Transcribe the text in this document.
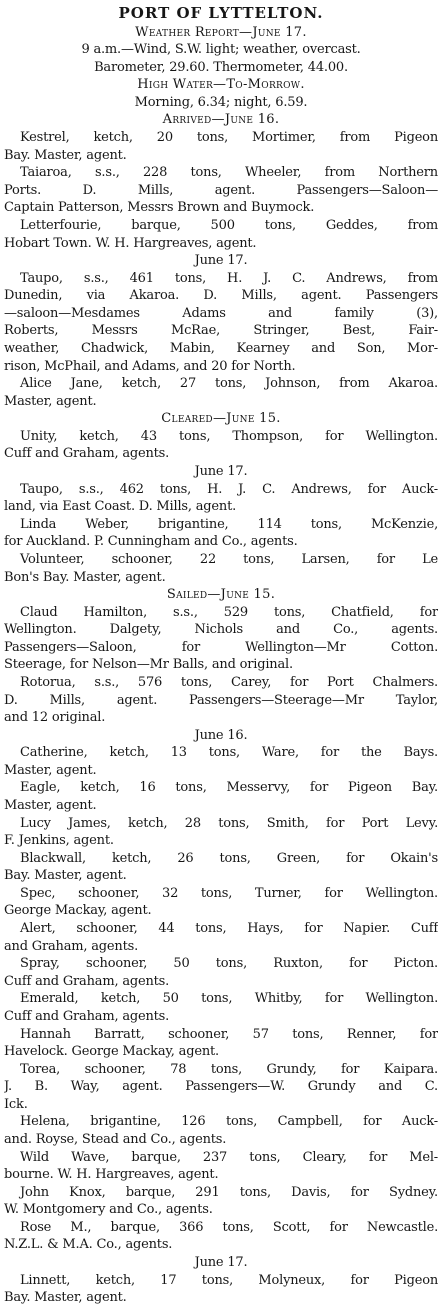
PORT OF LYTTELTON.
Weather Report—June 17.
9 a.m.—Wind, S.W. light; weather, overcast.
Barometer, 29.60. Thermometer, 44.00.
High Water—To-Morrow.
Morning, 6.34; night, 6.59.
Arrived—June 16.
Kestrel, ketch, 20 tons, Mortimer, from Pigeon
Bay. Master, agent.
Taiaroa, s.s., 228 tons, Wheeler, from Northern
Ports. D. Mills, agent. Passengers—Saloon—
Captain Patterson, Messrs Brown and Buymock.
Letterfourie, barque, 500 tons, Geddes, from
Hobart Town. W. H. Hargreaves, agent.
June 17.
Taupo, s.s., 461 tons, H. J. C. Andrews, from
Dunedin, via Akaroa. D. Mills, agent. Passengers
—saloon—Mesdames Adams and family (3),
Roberts, Messrs McRae, Stringer, Best, Fair-
weather, Chadwick, Mabin, Kearney and Son, Mor-
rison, McPhail, and Adams, and 20 for North.
Alice Jane, ketch, 27 tons, Johnson, from Akaroa.
Master, agent.
Cleared—June 15.
Unity, ketch, 43 tons, Thompson, for Wellington.
Cuff and Graham, agents.
June 17.
Taupo, s.s., 462 tons, H. J. C. Andrews, for Auck-
land, via East Coast. D. Mills, agent.
Linda Weber, brigantine, 114 tons, McKenzie,
for Auckland. P. Cunningham and Co., agents.
Volunteer, schooner, 22 tons, Larsen, for Le
Bon's Bay. Master, agent.
Sailed—June 15.
Claud Hamilton, s.s., 529 tons, Chatfield, for
Wellington. Dalgety, Nichols and Co., agents.
Passengers—Saloon, for Wellington—Mr Cotton.
Steerage, for Nelson—Mr Balls, and original.
Rotorua, s.s., 576 tons, Carey, for Port Chalmers.
D. Mills, agent. Passengers—Steerage—Mr Taylor,
and 12 original.
June 16.
Catherine, ketch, 13 tons, Ware, for the Bays.
Master, agent.
Eagle, ketch, 16 tons, Messervy, for Pigeon Bay.
Master, agent.
Lucy James, ketch, 28 tons, Smith, for Port Levy.
F. Jenkins, agent.
Blackwall, ketch, 26 tons, Green, for Okain's
Bay. Master, agent.
Spec, schooner, 32 tons, Turner, for Wellington.
George Mackay, agent.
Alert, schooner, 44 tons, Hays, for Napier. Cuff
and Graham, agents.
Spray, schooner, 50 tons, Ruxton, for Picton.
Cuff and Graham, agents.
Emerald, ketch, 50 tons, Whitby, for Wellington.
Cuff and Graham, agents.
Hannah Barratt, schooner, 57 tons, Renner, for
Havelock. George Mackay, agent.
Torea, schooner, 78 tons, Grundy, for Kaipara.
J. B. Way, agent. Passengers—W. Grundy and C.
Ick.
Helena, brigantine, 126 tons, Campbell, for Auck-
and. Royse, Stead and Co., agents.
Wild Wave, barque, 237 tons, Cleary, for Mel-
bourne. W. H. Hargreaves, agent.
John Knox, barque, 291 tons, Davis, for Sydney.
W. Montgomery and Co., agents.
Rose M., barque, 366 tons, Scott, for Newcastle.
N.Z.L. & M.A. Co., agents.
June 17.
Linnett, ketch, 17 tons, Molyneux, for Pigeon
Bay. Master, agent.
